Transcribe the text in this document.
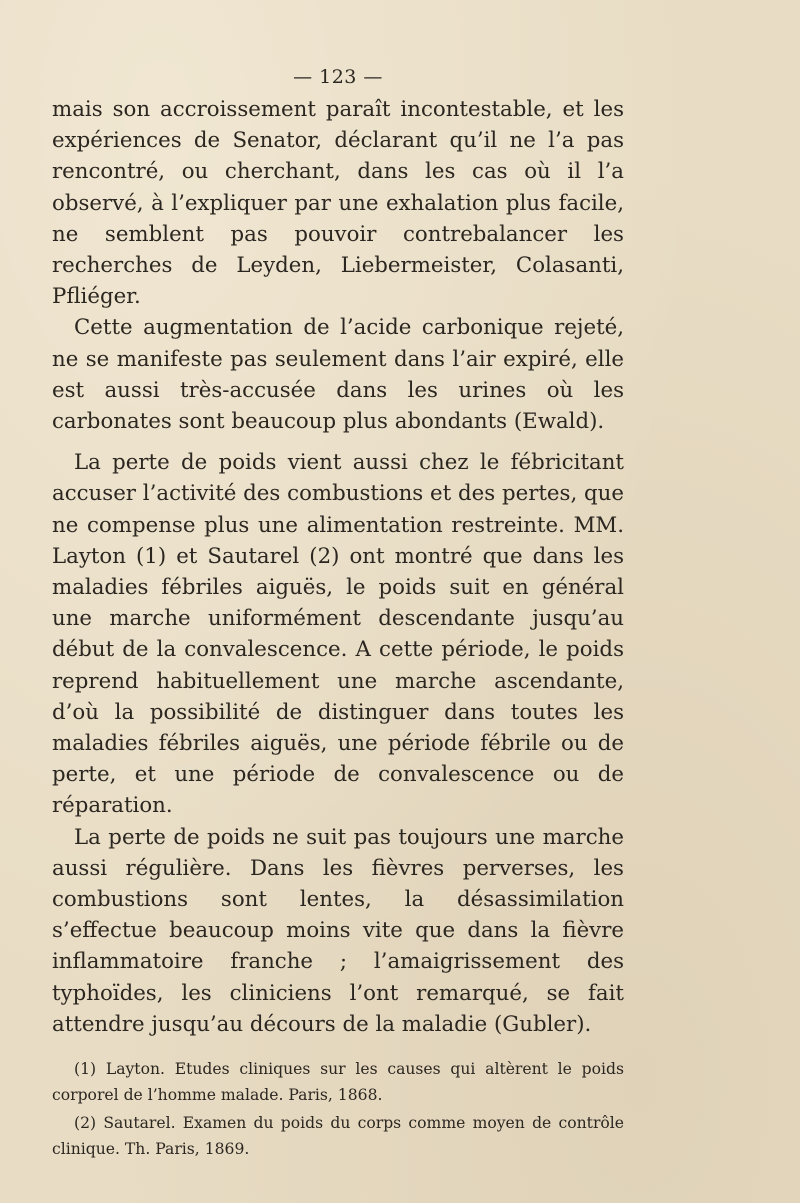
— 123 —

mais son accroissement paraît incontestable, et les expériences de Senator, déclarant qu’il ne l’a pas rencontré, ou cherchant, dans les cas où il l’a observé, à l’expliquer par une exhalation plus facile, ne semblent pas pouvoir contrebalancer les recherches de Leyden, Liebermeister, Colasanti, Pfliéger.

Cette augmentation de l’acide carbonique rejeté, ne se manifeste pas seulement dans l’air expiré, elle est aussi très-accusée dans les urines où les carbonates sont beaucoup plus abondants (Ewald).

La perte de poids vient aussi chez le fébricitant accuser l’activité des combustions et des pertes, que ne compense plus une alimentation restreinte. MM. Layton (1) et Sautarel (2) ont montré que dans les maladies fébriles aiguës, le poids suit en général une marche uniformément descendante jusqu’au début de la convalescence. A cette période, le poids reprend habituellement une marche ascendante, d’où la possibilité de distinguer dans toutes les maladies fébriles aiguës, une période fébrile ou de perte, et une période de convalescence ou de réparation.

La perte de poids ne suit pas toujours une marche aussi régulière. Dans les fièvres perverses, les combustions sont lentes, la désassimilation s’effectue beaucoup moins vite que dans la fièvre inflammatoire franche ; l’amaigrissement des typhoïdes, les cliniciens l’ont remarqué, se fait attendre jusqu’au décours de la maladie (Gubler).

(1) Layton. Etudes cliniques sur les causes qui altèrent le poids corporel de l’homme malade. Paris, 1868.

(2) Sautarel. Examen du poids du corps comme moyen de contrôle clinique. Th. Paris, 1869.
